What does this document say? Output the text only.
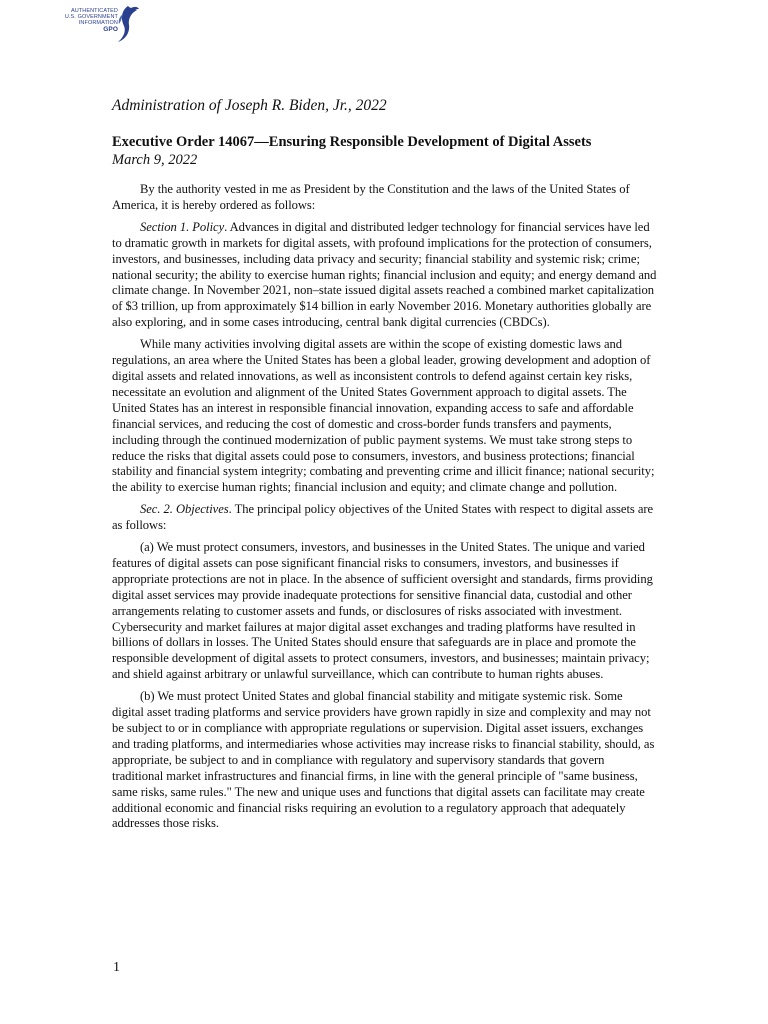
AUTHENTICATED
U.S. GOVERNMENT
INFORMATION
GPO

Administration of Joseph R. Biden, Jr., 2022

Executive Order 14067—Ensuring Responsible Development of Digital Assets

March 9, 2022

By the authority vested in me as President by the Constitution and the laws of the United States of America, it is hereby ordered as follows:

Section 1. Policy. Advances in digital and distributed ledger technology for financial services have led to dramatic growth in markets for digital assets, with profound implications for the protection of consumers, investors, and businesses, including data privacy and security; financial stability and systemic risk; crime; national security; the ability to exercise human rights; financial inclusion and equity; and energy demand and climate change. In November 2021, non–state issued digital assets reached a combined market capitalization of $3 trillion, up from approximately $14 billion in early November 2016. Monetary authorities globally are also exploring, and in some cases introducing, central bank digital currencies (CBDCs).

While many activities involving digital assets are within the scope of existing domestic laws and regulations, an area where the United States has been a global leader, growing development and adoption of digital assets and related innovations, as well as inconsistent controls to defend against certain key risks, necessitate an evolution and alignment of the United States Government approach to digital assets. The United States has an interest in responsible financial innovation, expanding access to safe and affordable financial services, and reducing the cost of domestic and cross-border funds transfers and payments, including through the continued modernization of public payment systems. We must take strong steps to reduce the risks that digital assets could pose to consumers, investors, and business protections; financial stability and financial system integrity; combating and preventing crime and illicit finance; national security; the ability to exercise human rights; financial inclusion and equity; and climate change and pollution.

Sec. 2. Objectives. The principal policy objectives of the United States with respect to digital assets are as follows:

(a) We must protect consumers, investors, and businesses in the United States. The unique and varied features of digital assets can pose significant financial risks to consumers, investors, and businesses if appropriate protections are not in place. In the absence of sufficient oversight and standards, firms providing digital asset services may provide inadequate protections for sensitive financial data, custodial and other arrangements relating to customer assets and funds, or disclosures of risks associated with investment. Cybersecurity and market failures at major digital asset exchanges and trading platforms have resulted in billions of dollars in losses. The United States should ensure that safeguards are in place and promote the responsible development of digital assets to protect consumers, investors, and businesses; maintain privacy; and shield against arbitrary or unlawful surveillance, which can contribute to human rights abuses.

(b) We must protect United States and global financial stability and mitigate systemic risk. Some digital asset trading platforms and service providers have grown rapidly in size and complexity and may not be subject to or in compliance with appropriate regulations or supervision. Digital asset issuers, exchanges and trading platforms, and intermediaries whose activities may increase risks to financial stability, should, as appropriate, be subject to and in compliance with regulatory and supervisory standards that govern traditional market infrastructures and financial firms, in line with the general principle of "same business, same risks, same rules." The new and unique uses and functions that digital assets can facilitate may create additional economic and financial risks requiring an evolution to a regulatory approach that adequately addresses those risks.

1
